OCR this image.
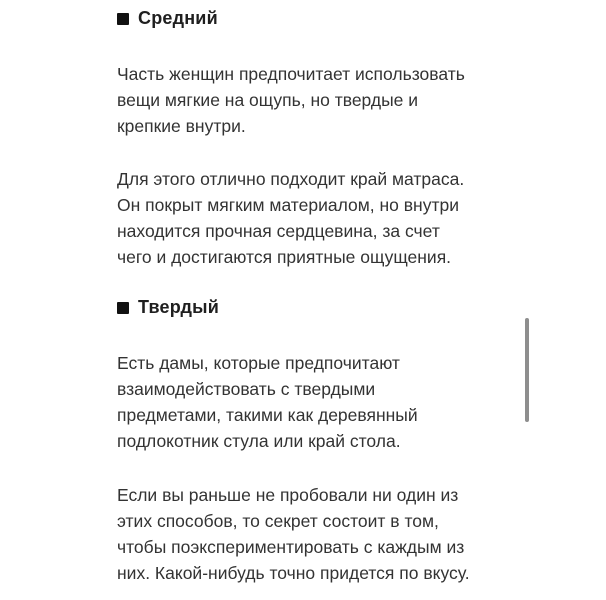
Средний
Часть женщин предпочитает использовать
вещи мягкие на ощупь, но твердые и
крепкие внутри.
Для этого отлично подходит край матраса.
Он покрыт мягким материалом, но внутри
находится прочная сердцевина, за счет
чего и достигаются приятные ощущения.
Твердый
Есть дамы, которые предпочитают
взаимодействовать с твердыми
предметами, такими как деревянный
подлокотник стула или край стола.
Если вы раньше не пробовали ни один из
этих способов, то секрет состоит в том,
чтобы поэкспериментировать с каждым из
них. Какой-нибудь точно придется по вкусу.
